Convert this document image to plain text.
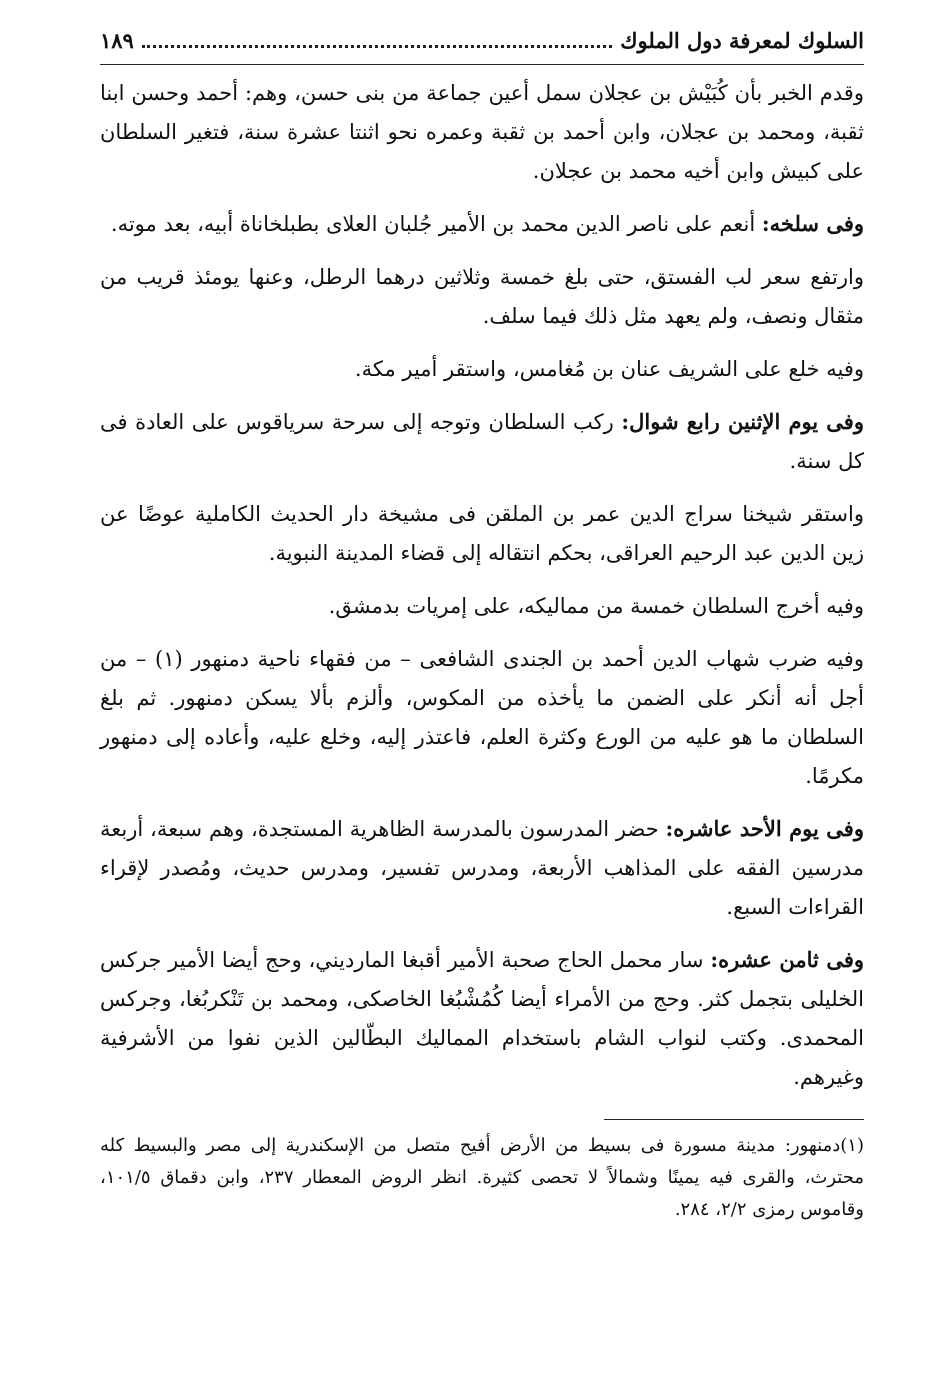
السلوك لمعرفة دول الملوك
١٨٩

وقدم الخبر بأن كُبَيْش بن عجلان سمل أعين جماعة من بنى حسن، وهم: أحمد وحسن ابنا ثقبة، ومحمد بن عجلان، وابن أحمد بن ثقبة وعمره نحو اثنتا عشرة سنة، فتغير السلطان على كبيش وابن أخيه محمد بن عجلان.

وفى سلخه: أنعم على ناصر الدين محمد بن الأمير جُلبان العلاى بطبلخاناة أبيه، بعد موته.

وارتفع سعر لب الفستق، حتى بلغ خمسة وثلاثين درهما الرطل، وعنها يومئذ قريب من مثقال ونصف، ولم يعهد مثل ذلك فيما سلف.

وفيه خلع على الشريف عنان بن مُغامس، واستقر أمير مكة.

وفى يوم الإثنين رابع شوال: ركب السلطان وتوجه إلى سرحة سرياقوس على العادة فى كل سنة.

واستقر شيخنا سراج الدين عمر بن الملقن فى مشيخة دار الحديث الكاملية عوضًا عن زين الدين عبد الرحيم العراقى، بحكم انتقاله إلى قضاء المدينة النبوية.

وفيه أخرج السلطان خمسة من مماليكه، على إمريات بدمشق.

وفيه ضرب شهاب الدين أحمد بن الجندى الشافعى – من فقهاء ناحية دمنهور (١) – من أجل أنه أنكر على الضمن ما يأخذه من المكوس، وألزم بألا يسكن دمنهور. ثم بلغ السلطان ما هو عليه من الورع وكثرة العلم، فاعتذر إليه، وخلع عليه، وأعاده إلى دمنهور مكرمًا.

وفى يوم الأحد عاشره: حضر المدرسون بالمدرسة الظاهرية المستجدة، وهم سبعة، أربعة مدرسين الفقه على المذاهب الأربعة، ومدرس تفسير، ومدرس حديث، ومُصدر لإقراء القراءات السبع.

وفى ثامن عشره: سار محمل الحاج صحبة الأمير أقبغا المارديني، وحج أيضا الأمير جركس الخليلى بتجمل كثر. وحج من الأمراء أيضا كُمُشْبُغا الخاصكى، ومحمد بن تَنْكربُغا، وجركس المحمدى. وكتب لنواب الشام باستخدام المماليك البطّالين الذين نفوا من الأشرفية وغيرهم.

(١)دمنهور: مدينة مسورة فى بسيط من الأرض أفيح متصل من الإسكندرية إلى مصر والبسيط كله محترث، والقرى فيه يمينًا وشمالاً لا تحصى كثيرة. انظر الروض المعطار ٢٣٧، وابن دقماق ١٠١/٥، وقاموس رمزى ٢/٢، ٢٨٤.
